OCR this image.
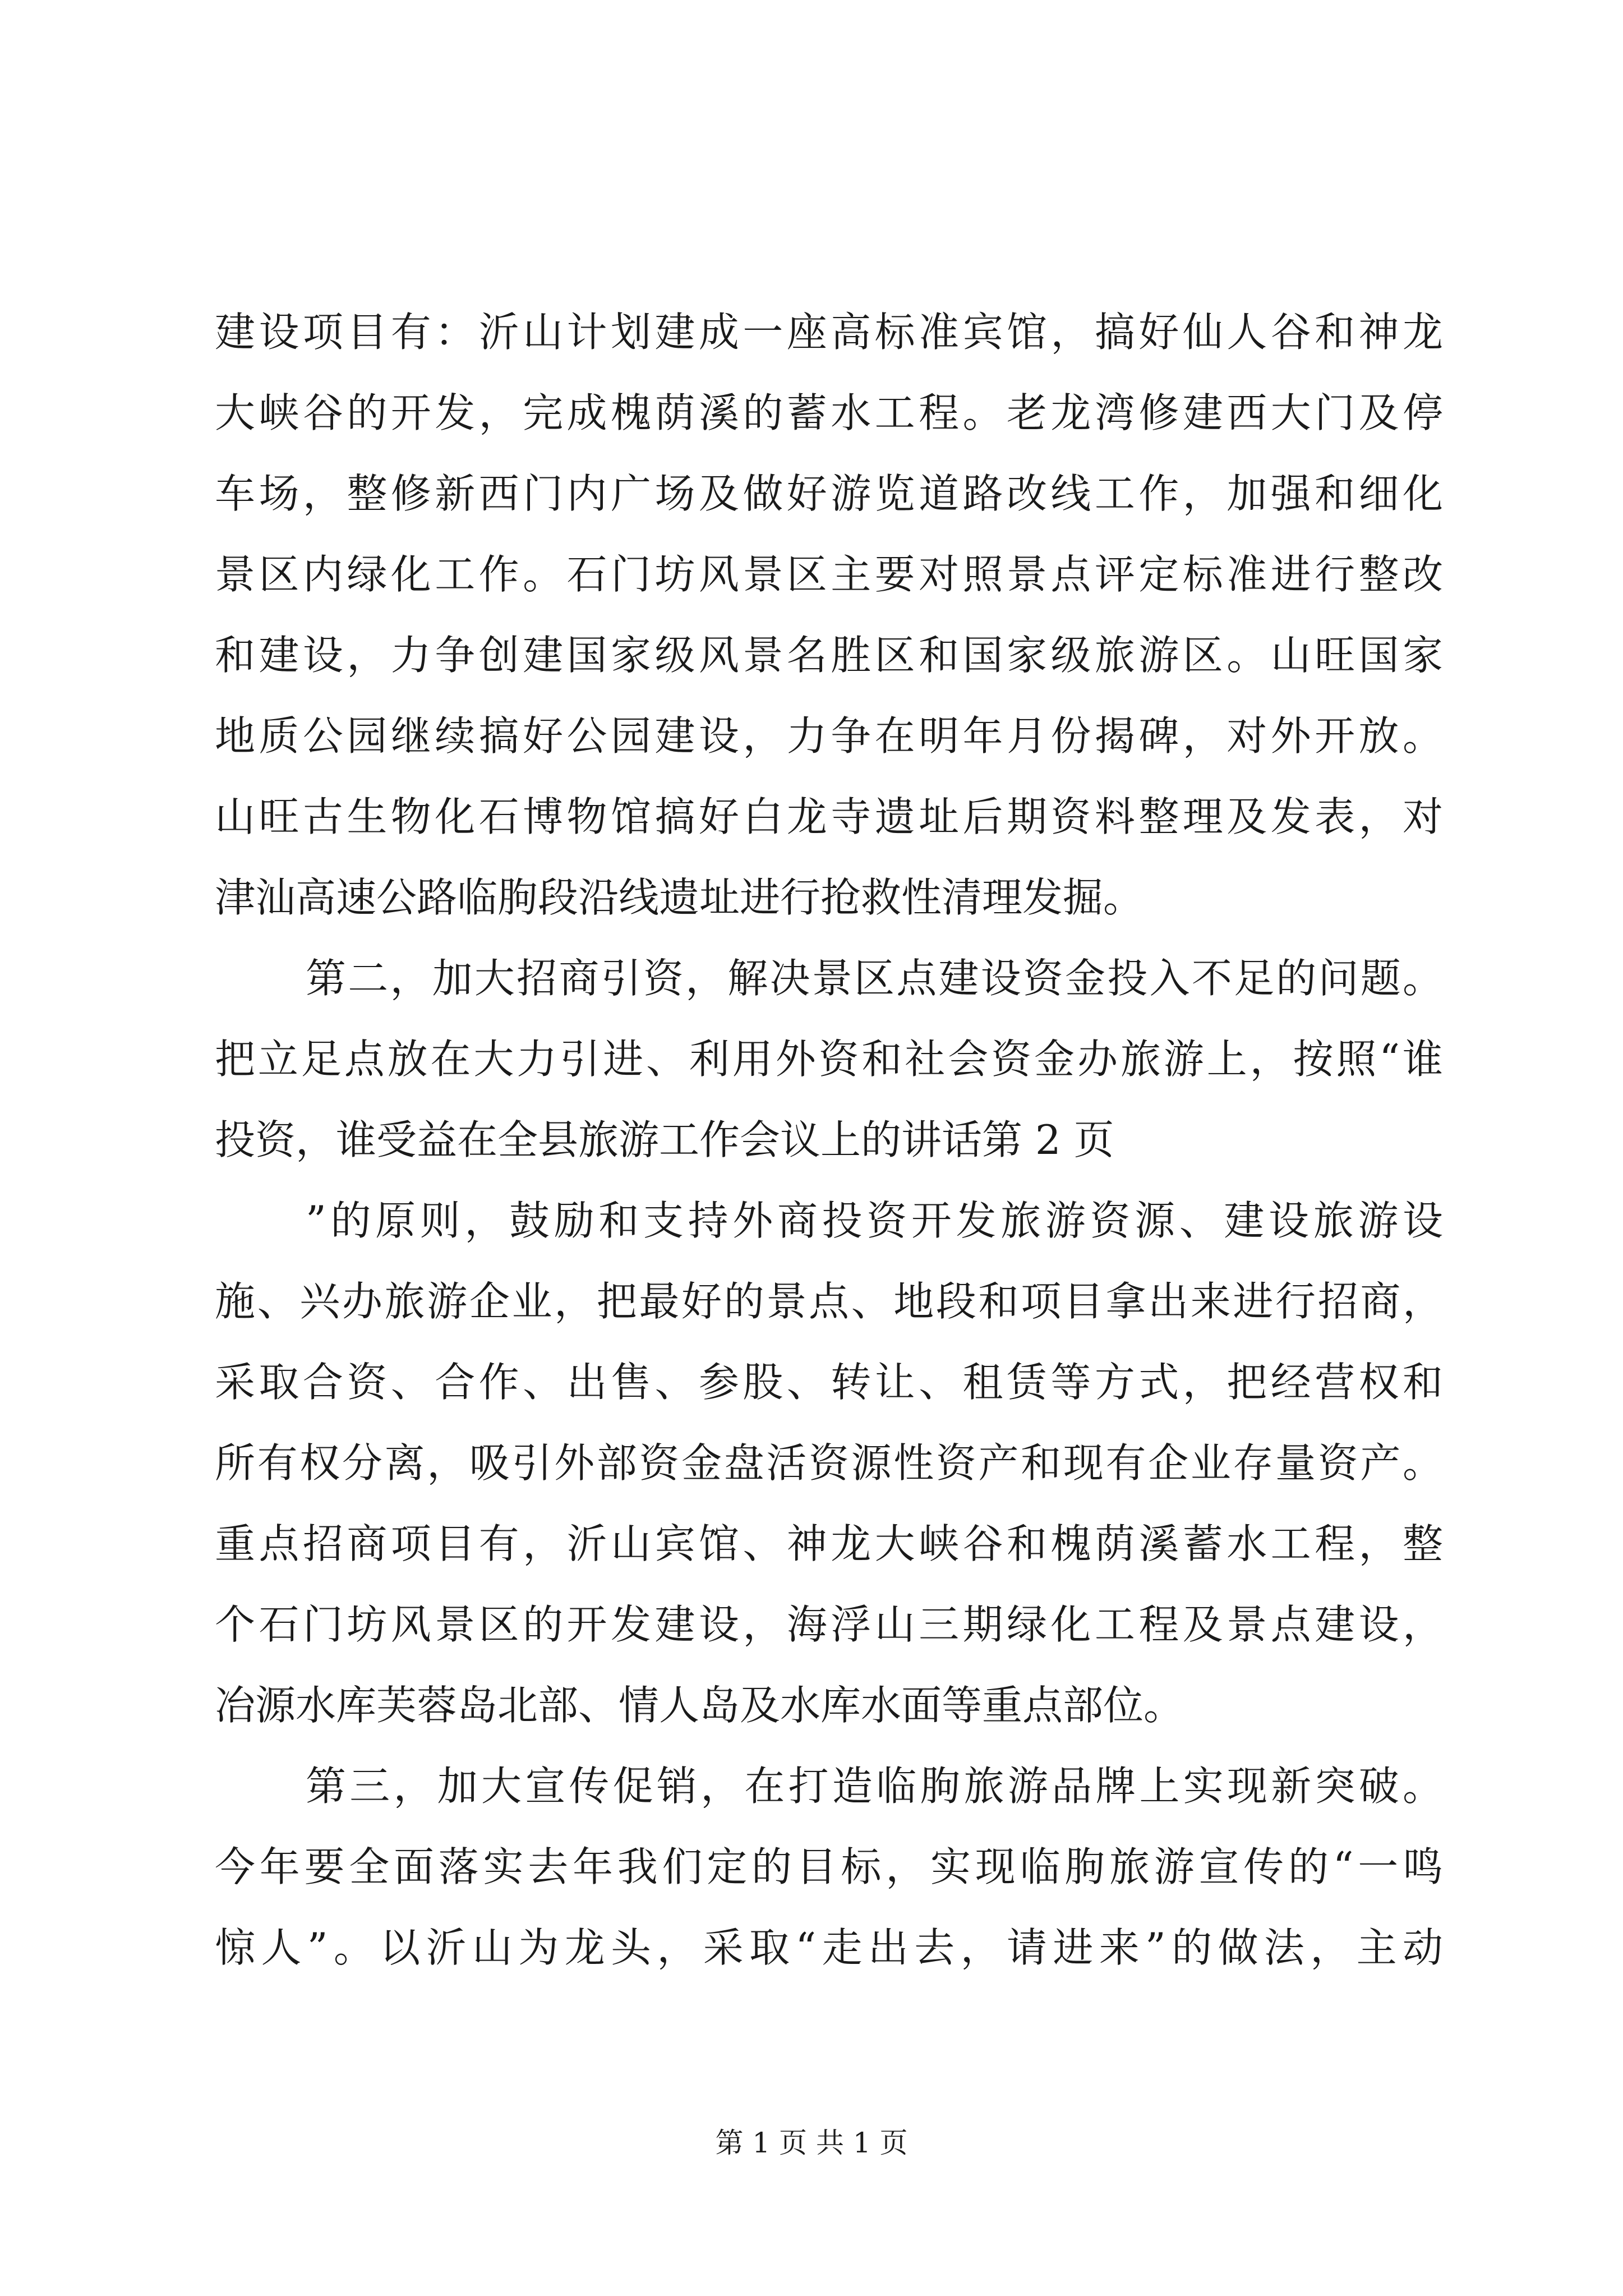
建设项目有：沂山计划建成一座高标准宾馆，搞好仙人谷和神龙
大峡谷的开发，完成槐荫溪的蓄水工程。老龙湾修建西大门及停
车场，整修新西门内广场及做好游览道路改线工作，加强和细化
景区内绿化工作。石门坊风景区主要对照景点评定标准进行整改
和建设，力争创建国家级风景名胜区和国家级旅游区。山旺国家
地质公园继续搞好公园建设，力争在明年月份揭碑，对外开放。
山旺古生物化石博物馆搞好白龙寺遗址后期资料整理及发表，对
津汕高速公路临朐段沿线遗址进行抢救性清理发掘。
第二，加大招商引资，解决景区点建设资金投入不足的问题。
把立足点放在大力引进、利用外资和社会资金办旅游上，按照“谁
投资，谁受益在全县旅游工作会议上的讲话第 2 页
”的原则，鼓励和支持外商投资开发旅游资源、建设旅游设
施、兴办旅游企业，把最好的景点、地段和项目拿出来进行招商，
采取合资、合作、出售、参股、转让、租赁等方式，把经营权和
所有权分离，吸引外部资金盘活资源性资产和现有企业存量资产。
重点招商项目有，沂山宾馆、神龙大峡谷和槐荫溪蓄水工程，整
个石门坊风景区的开发建设，海浮山三期绿化工程及景点建设，
冶源水库芙蓉岛北部、情人岛及水库水面等重点部位。
第三，加大宣传促销，在打造临朐旅游品牌上实现新突破。
今年要全面落实去年我们定的目标，实现临朐旅游宣传的“一鸣
惊人”。以沂山为龙头，采取“走出去，请进来”的做法，主动
第 1 页 共 1 页
